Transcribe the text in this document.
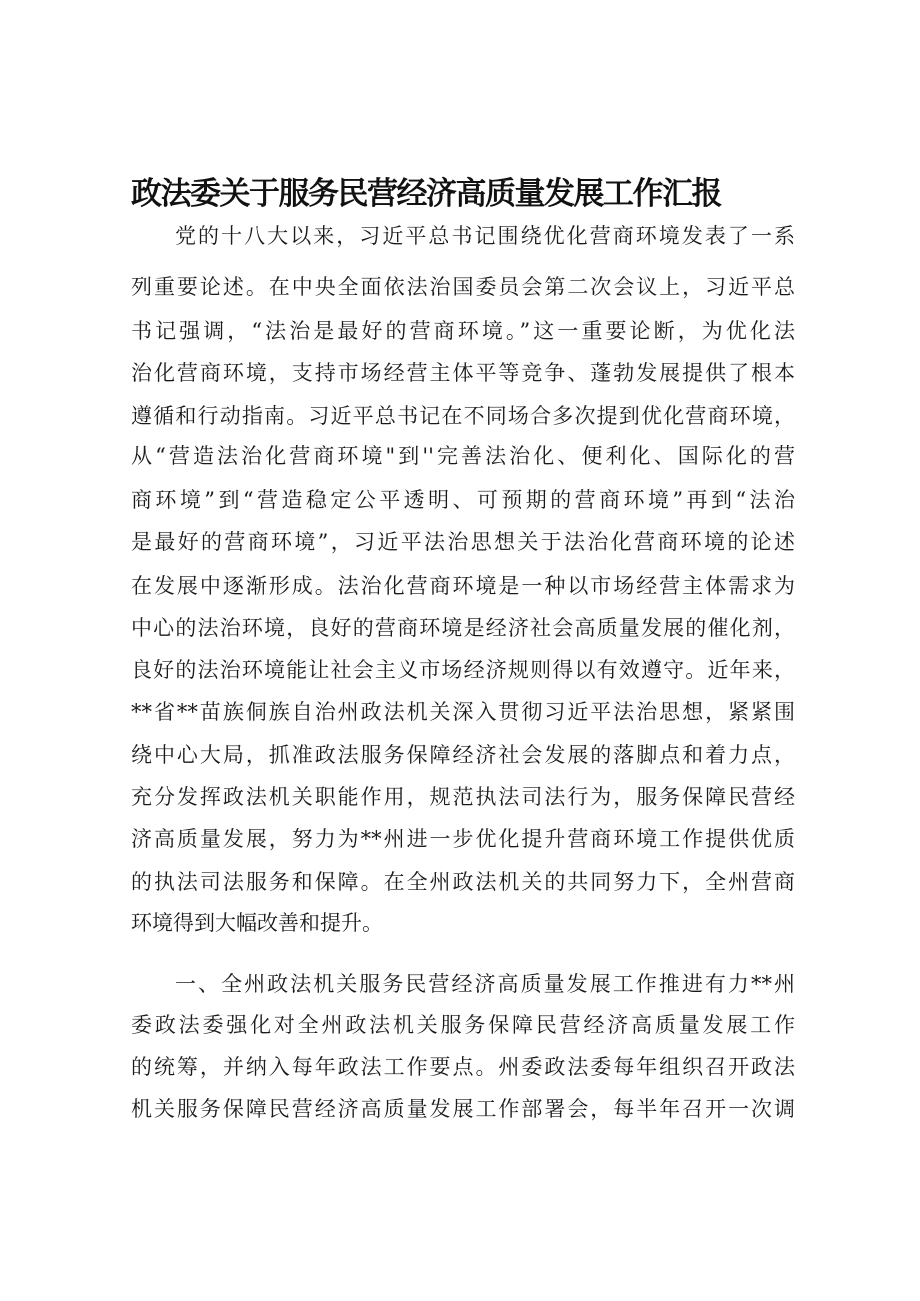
政法委关于服务民营经济高质量发展工作汇报
党的十八大以来，习近平总书记围绕优化营商环境发表了一系
列重要论述。在中央全面依法治国委员会第二次会议上，习近平总
书记强调，“法治是最好的营商环境。”这一重要论断，为优化法
治化营商环境，支持市场经营主体平等竞争、蓬勃发展提供了根本
遵循和行动指南。习近平总书记在不同场合多次提到优化营商环境，
从“营造法治化营商环境"到''完善法治化、便利化、国际化的营
商环境”到“营造稳定公平透明、可预期的营商环境”再到“法治
是最好的营商环境”，习近平法治思想关于法治化营商环境的论述
在发展中逐渐形成。法治化营商环境是一种以市场经营主体需求为
中心的法治环境，良好的营商环境是经济社会高质量发展的催化剂，
良好的法治环境能让社会主义市场经济规则得以有效遵守。近年来，
**省**苗族侗族自治州政法机关深入贯彻习近平法治思想，紧紧围
绕中心大局，抓准政法服务保障经济社会发展的落脚点和着力点，
充分发挥政法机关职能作用，规范执法司法行为，服务保障民营经
济高质量发展，努力为**州进一步优化提升营商环境工作提供优质
的执法司法服务和保障。在全州政法机关的共同努力下，全州营商
环境得到大幅改善和提升。
一、全州政法机关服务民营经济高质量发展工作推进有力**州
委政法委强化对全州政法机关服务保障民营经济高质量发展工作
的统筹，并纳入每年政法工作要点。州委政法委每年组织召开政法
机关服务保障民营经济高质量发展工作部署会，每半年召开一次调
